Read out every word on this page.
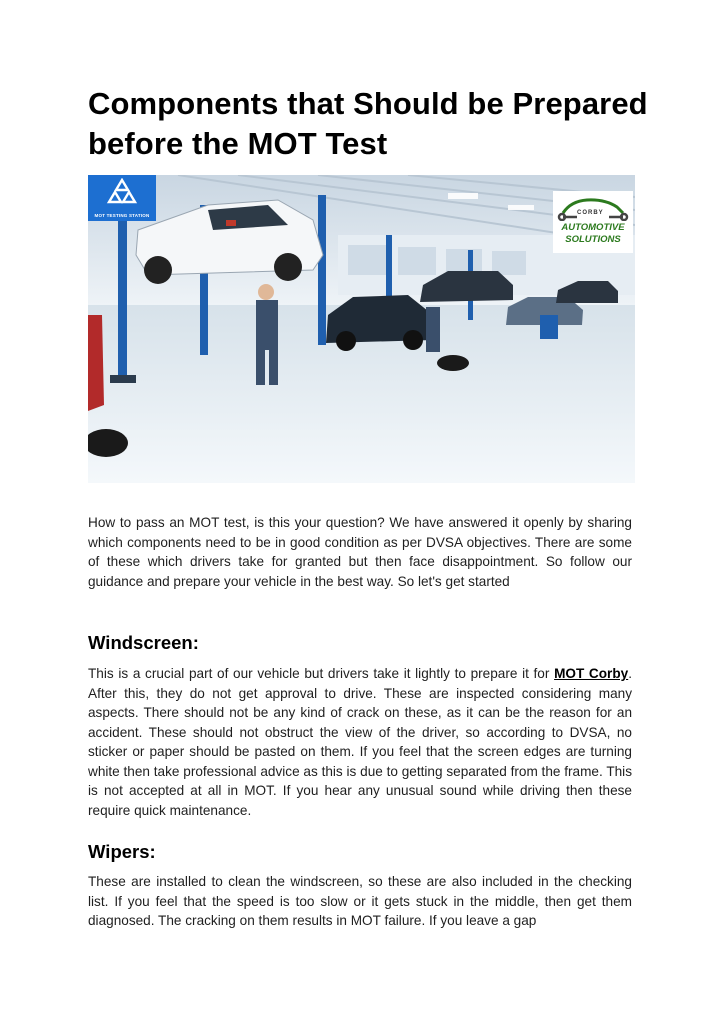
Components that Should be Prepared before the MOT Test
MOT TESTING STATION	CORBY
AUTOMOTIVE
SOLUTIONS

How to pass an MOT test, is this your question? We have answered it openly by sharing which components need to be in good condition as per DVSA objectives. There are some of these which drivers take for granted but then face disappointment. So follow our guidance and prepare your vehicle in the best way. So let's get started

Windscreen:

This is a crucial part of our vehicle but drivers take it lightly to prepare it for MOT Corby. After this, they do not get approval to drive. These are inspected considering many aspects. There should not be any kind of crack on these, as it can be the reason for an accident. These should not obstruct the view of the driver, so according to DVSA, no sticker or paper should be pasted on them. If you feel that the screen edges are turning white then take professional advice as this is due to getting separated from the frame. This is not accepted at all in MOT. If you hear any unusual sound while driving then these require quick maintenance.

Wipers:

These are installed to clean the windscreen, so these are also included in the checking list. If you feel that the speed is too slow or it gets stuck in the middle, then get them diagnosed. The cracking on them results in MOT failure. If you leave a gap
